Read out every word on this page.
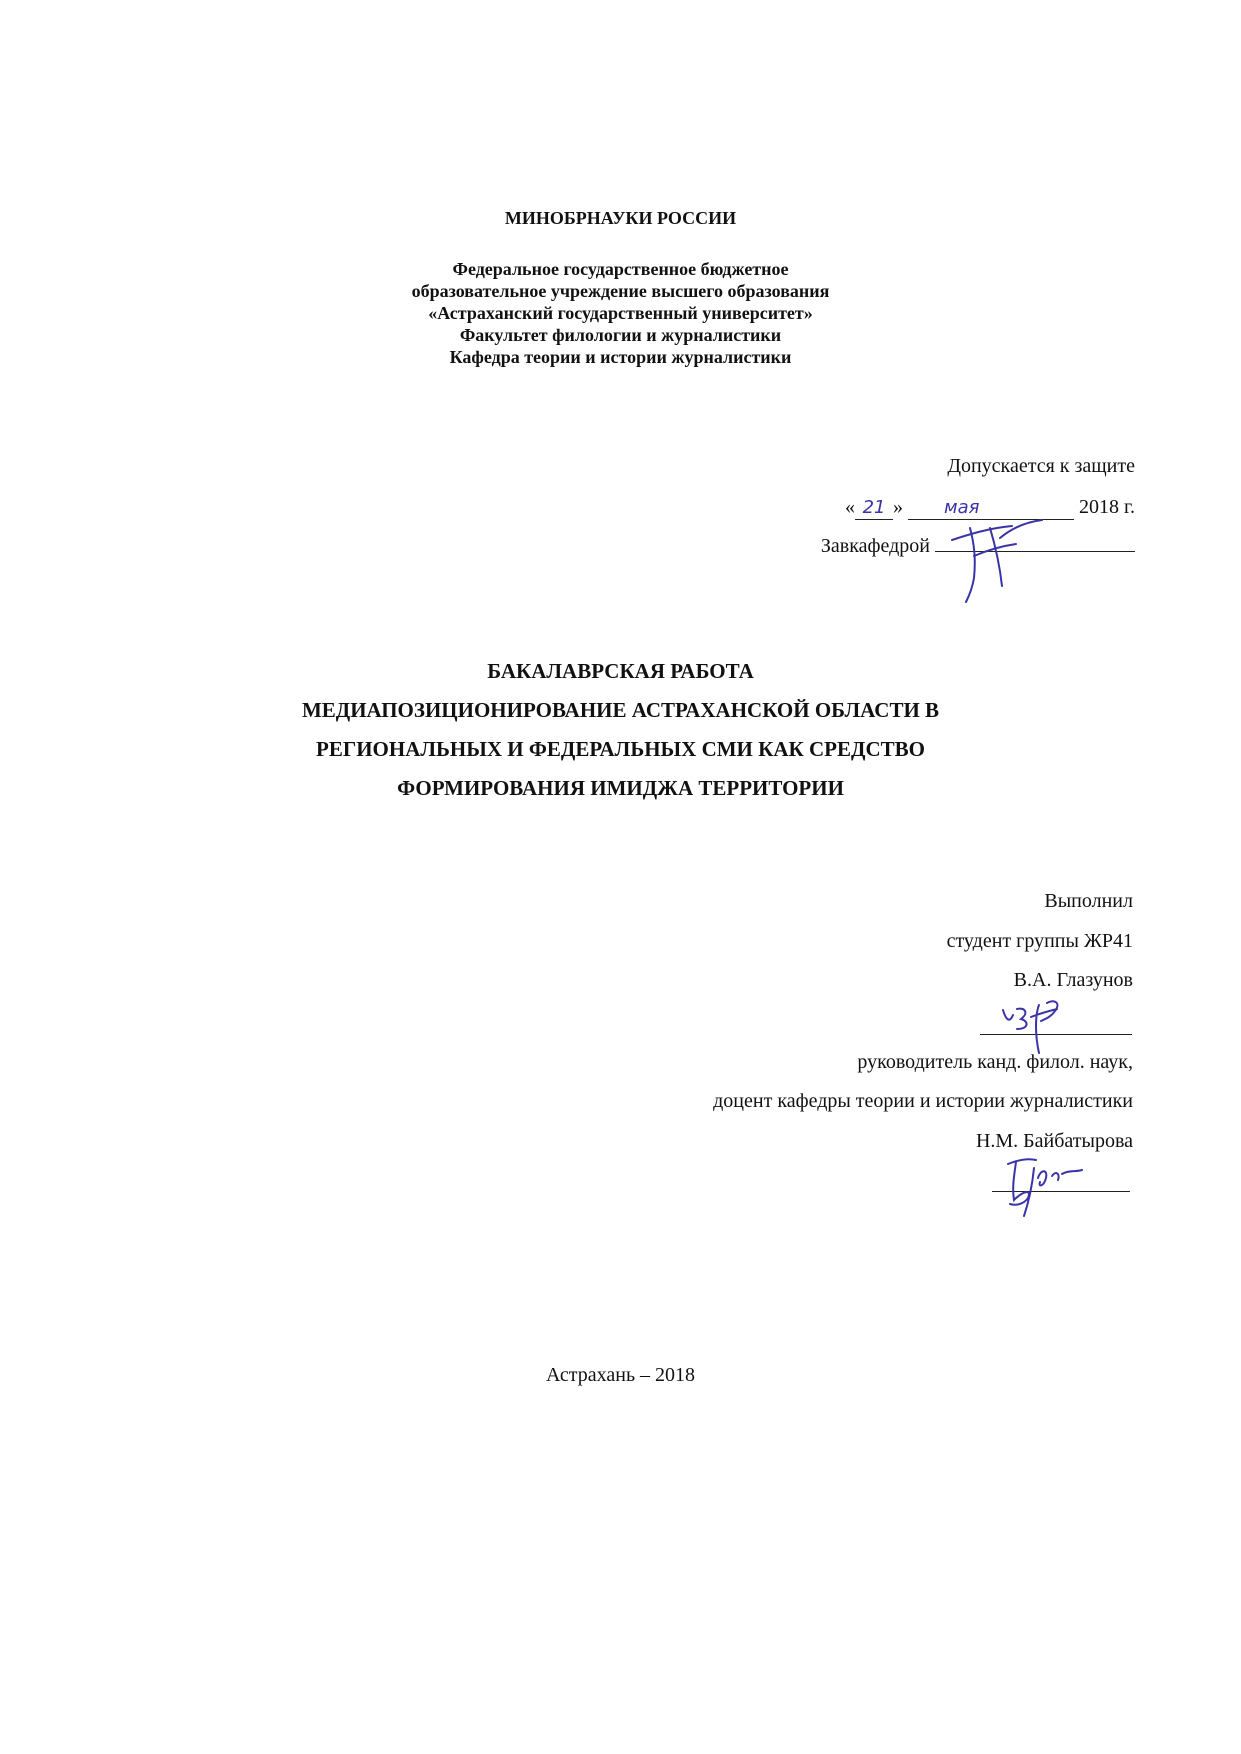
МИНОБРНАУКИ РОССИИ
Федеральное государственное бюджетное
образовательное учреждение высшего образования
«Астраханский государственный университет»
Факультет филологии и журналистики
Кафедра теории и истории журналистики
Допускается к защите
« 21 » мая	2018 г.
Завкафедрой
БАКАЛАВРСКАЯ РАБОТА
МЕДИАПОЗИЦИОНИРОВАНИЕ АСТРАХАНСКОЙ ОБЛАСТИ В
РЕГИОНАЛЬНЫХ И ФЕДЕРАЛЬНЫХ СМИ КАК СРЕДСТВО
ФОРМИРОВАНИЯ ИМИДЖА ТЕРРИТОРИИ
Выполнил
студент группы ЖР41
В.А. Глазунов
руководитель канд. филол. наук,
доцент кафедры теории и истории журналистики
Н.М. Байбатырова
Астрахань – 2018
